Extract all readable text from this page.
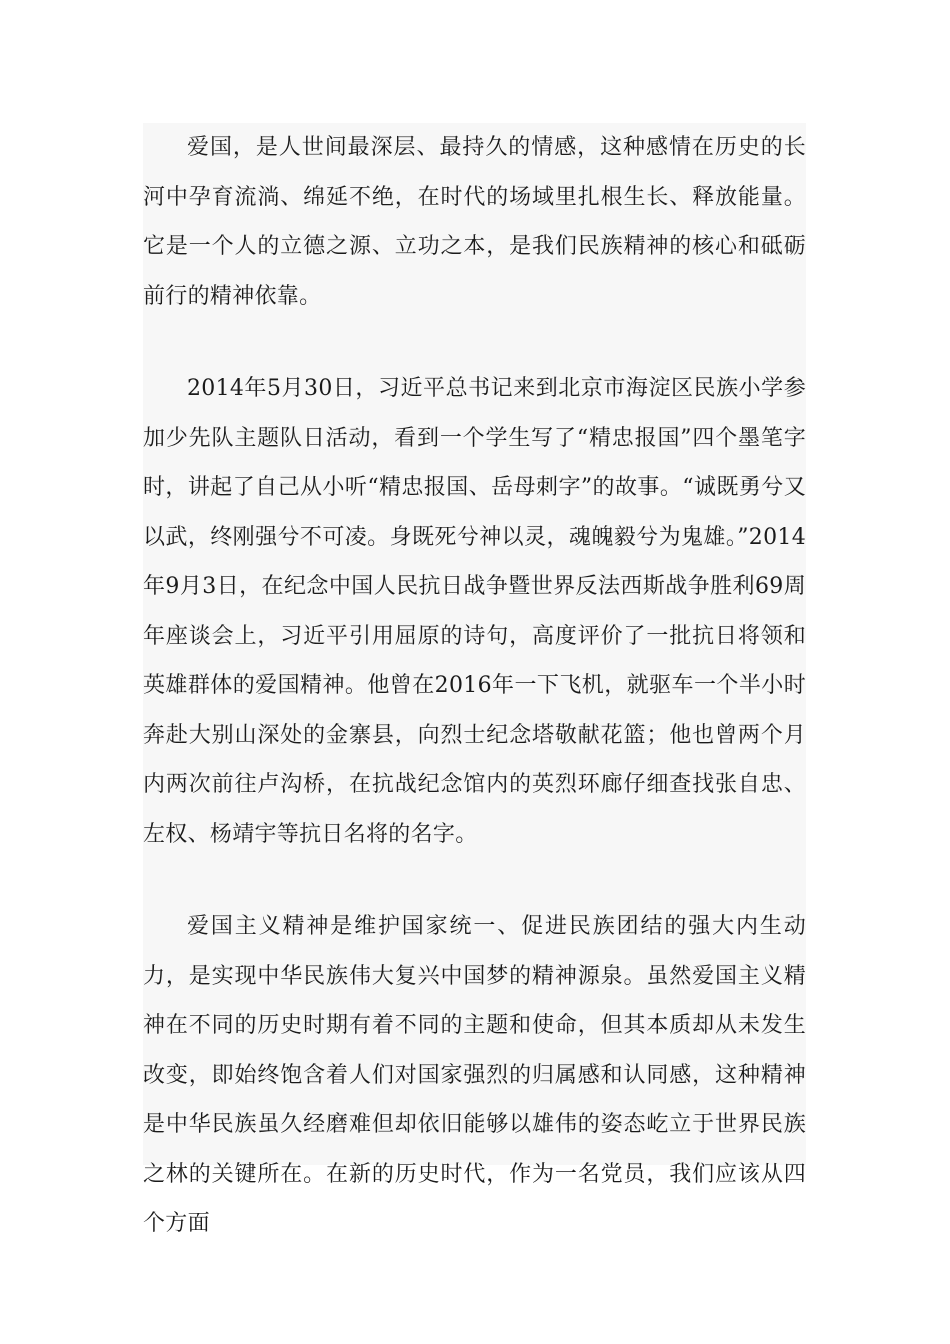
爱国，是人世间最深层、最持久的情感，这种感情在历史的长河中孕育流淌、绵延不绝，在时代的场域里扎根生长、释放能量。它是一个人的立德之源、立功之本，是我们民族精神的核心和砥砺前行的精神依靠。

2014年5月30日，习近平总书记来到北京市海淀区民族小学参加少先队主题队日活动，看到一个学生写了“精忠报国”四个墨笔字时，讲起了自己从小听“精忠报国、岳母刺字”的故事。“诚既勇兮又以武，终刚强兮不可凌。身既死兮神以灵，魂魄毅兮为鬼雄。”2014年9月3日，在纪念中国人民抗日战争暨世界反法西斯战争胜利69周年座谈会上，习近平引用屈原的诗句，高度评价了一批抗日将领和英雄群体的爱国精神。他曾在2016年一下飞机，就驱车一个半小时奔赴大别山深处的金寨县，向烈士纪念塔敬献花篮；他也曾两个月内两次前往卢沟桥，在抗战纪念馆内的英烈环廊仔细查找张自忠、左权、杨靖宇等抗日名将的名字。

爱国主义精神是维护国家统一、促进民族团结的强大内生动力，是实现中华民族伟大复兴中国梦的精神源泉。虽然爱国主义精神在不同的历史时期有着不同的主题和使命，但其本质却从未发生改变，即始终饱含着人们对国家强烈的归属感和认同感，这种精神是中华民族虽久经磨难但却依旧能够以雄伟的姿态屹立于世界民族之林的关键所在。在新的历史时代，作为一名党员，我们应该从四个方面
